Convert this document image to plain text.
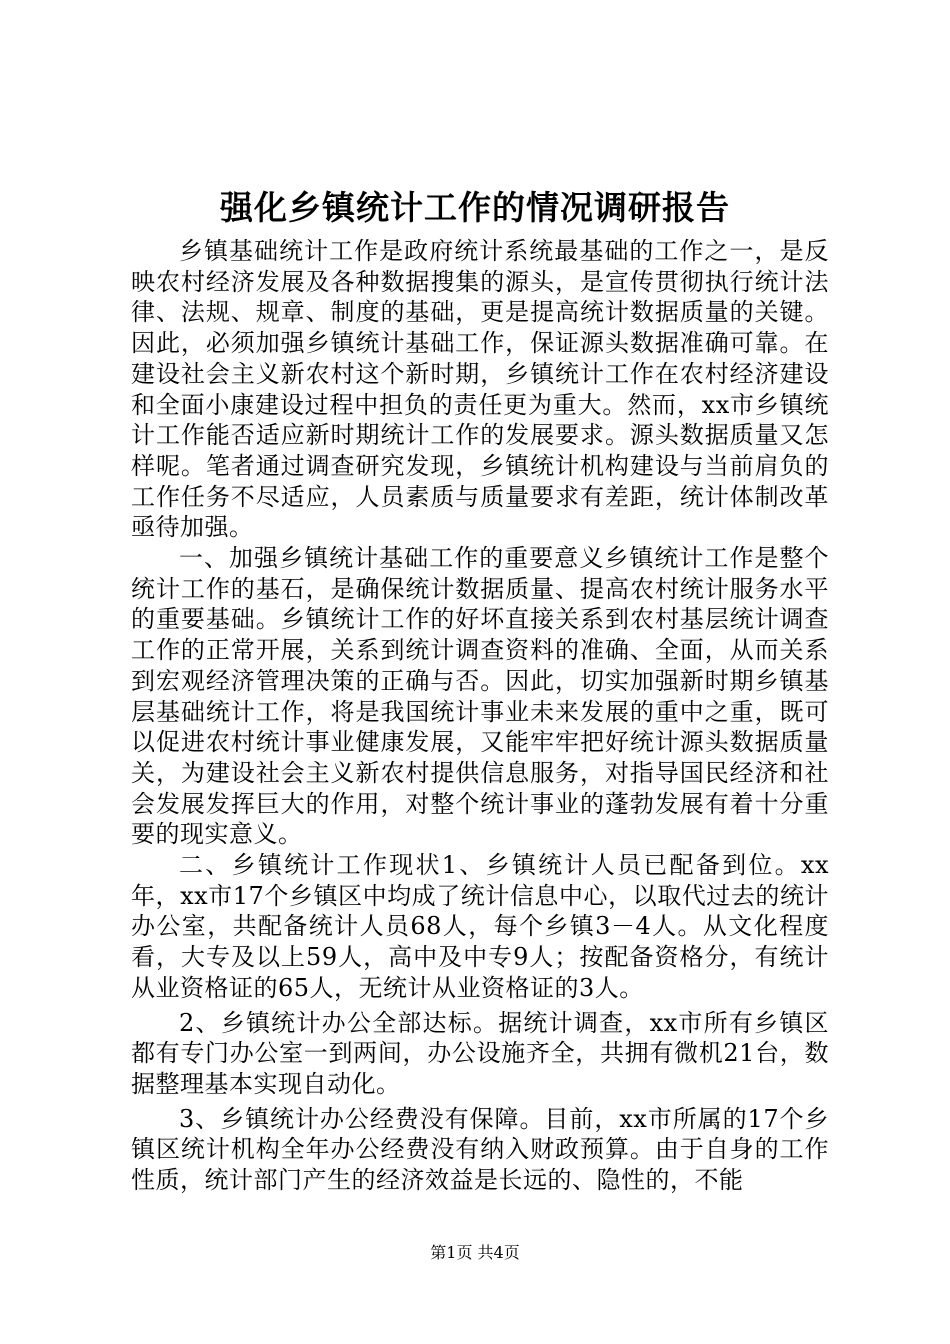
强化乡镇统计工作的情况调研报告

乡镇基础统计工作是政府统计系统最基础的工作之一，是反映农村经济发展及各种数据搜集的源头，是宣传贯彻执行统计法律、法规、规章、制度的基础，更是提高统计数据质量的关键。因此，必须加强乡镇统计基础工作，保证源头数据准确可靠。在建设社会主义新农村这个新时期，乡镇统计工作在农村经济建设和全面小康建设过程中担负的责任更为重大。然而，xx市乡镇统计工作能否适应新时期统计工作的发展要求。源头数据质量又怎样呢。笔者通过调查研究发现，乡镇统计机构建设与当前肩负的工作任务不尽适应，人员素质与质量要求有差距，统计体制改革亟待加强。

一、加强乡镇统计基础工作的重要意义乡镇统计工作是整个统计工作的基石，是确保统计数据质量、提高农村统计服务水平的重要基础。乡镇统计工作的好坏直接关系到农村基层统计调查工作的正常开展，关系到统计调查资料的准确、全面，从而关系到宏观经济管理决策的正确与否。因此，切实加强新时期乡镇基层基础统计工作，将是我国统计事业未来发展的重中之重，既可以促进农村统计事业健康发展，又能牢牢把好统计源头数据质量关，为建设社会主义新农村提供信息服务，对指导国民经济和社会发展发挥巨大的作用，对整个统计事业的蓬勃发展有着十分重要的现实意义。

二、乡镇统计工作现状1、乡镇统计人员已配备到位。xx年，xx市17个乡镇区中均成了统计信息中心，以取代过去的统计办公室，共配备统计人员68人，每个乡镇3－4人。从文化程度看，大专及以上59人，高中及中专9人；按配备资格分，有统计从业资格证的65人，无统计从业资格证的3人。

2、乡镇统计办公全部达标。据统计调查，xx市所有乡镇区都有专门办公室一到两间，办公设施齐全，共拥有微机21台，数据整理基本实现自动化。

3、乡镇统计办公经费没有保障。目前，xx市所属的17个乡镇区统计机构全年办公经费没有纳入财政预算。由于自身的工作性质，统计部门产生的经济效益是长远的、隐性的，不能

第1页 共4页
